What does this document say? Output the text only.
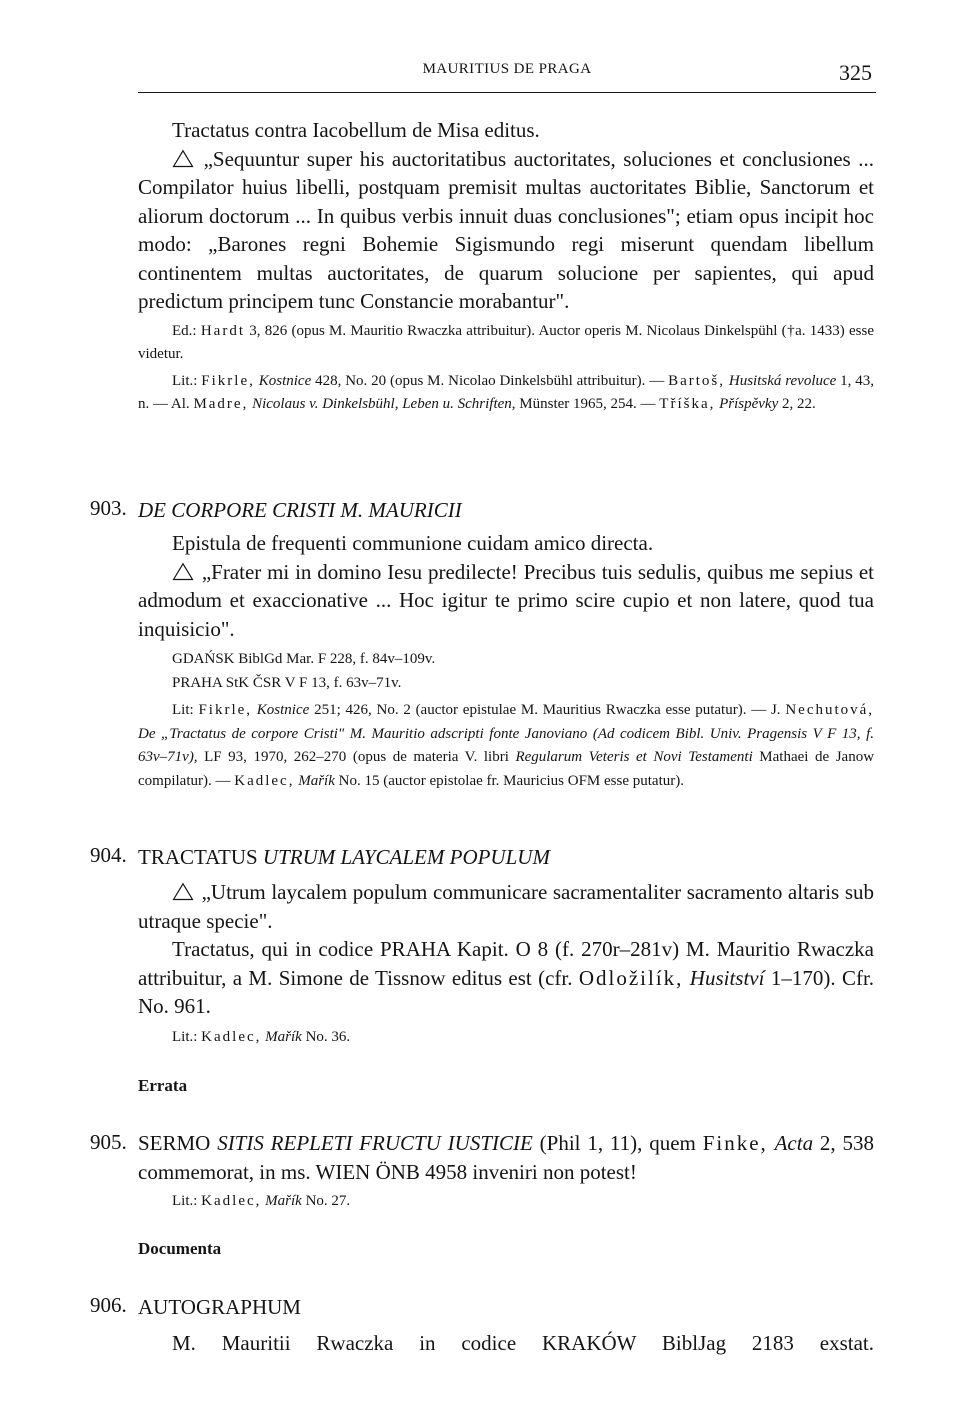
MAURITIUS DE PRAGA	325

Tractatus contra Iacobellum de Misa editus.

„Sequuntur super his auctoritatibus auctoritates, soluciones et conclusiones ... Compilator huius libelli, postquam premisit multas auctoritates Biblie, Sanctorum et aliorum doctorum ... In quibus verbis innuit duas conclusiones"; etiam opus incipit hoc modo: „Barones regni Bohemie Sigismundo regi miserunt quendam libellum continentem multas auctoritates, de quarum solucione per sapientes, qui apud predictum principem tunc Constancie morabantur".

Ed.: Hardt 3, 826 (opus M. Mauritio Rwaczka attribuitur). Auctor operis M. Nicolaus Dinkelspühl (†a. 1433) esse videtur.

Lit.: Fikrle, Kostnice 428, No. 20 (opus M. Nicolao Dinkelsbühl attribuitur). — Bartoš, Husitská revoluce 1, 43, n. — Al. Madre, Nicolaus v. Dinkelsbühl, Leben u. Schriften, Münster 1965, 254. — Tříška, Příspěvky 2, 22.

903. DE CORPORE CRISTI M. MAURICII

Epistula de frequenti communione cuidam amico directa.

„Frater mi in domino Iesu predilecte! Precibus tuis sedulis, quibus me sepius et admodum et exaccionative ... Hoc igitur te primo scire cupio et non latere, quod tua inquisicio".

GDAŃSK BiblGd Mar. F 228, f. 84v–109v.

PRAHA StK ČSR V F 13, f. 63v–71v.

Lit: Fikrle, Kostnice 251; 426, No. 2 (auctor epistulae M. Mauritius Rwaczka esse putatur). — J. Nechutová, De „Tractatus de corpore Cristi" M. Mauritio adscripti fonte Janoviano (Ad codicem Bibl. Univ. Pragensis V F 13, f. 63v–71v), LF 93, 1970, 262–270 (opus de materia V. libri Regularum Veteris et Novi Testamenti Mathaei de Janow compilatur). — Kadlec, Mařík No. 15 (auctor epistolae fr. Mauricius OFM esse putatur).

904. TRACTATUS UTRUM LAYCALEM POPULUM

„Utrum laycalem populum communicare sacramentaliter sacramento altaris sub utraque specie".

Tractatus, qui in codice PRAHA Kapit. O 8 (f. 270r–281v) M. Mauritio Rwaczka attribuitur, a M. Simone de Tissnow editus est (cfr. Odložilík, Husitství 1–170). Cfr. No. 961.

Lit.: Kadlec, Mařík No. 36.

Errata
905. SERMO SITIS REPLETI FRUCTU IUSTICIE (Phil 1, 11), quem Finke, Acta 2, 538 commemorat, in ms. WIEN ÖNB 4958 inveniri non potest!

Lit.: Kadlec, Mařík No. 27.

Documenta
906. AUTOGRAPHUM

M. Mauritii Rwaczka in codice KRAKÓW BiblJag 2183 exstat.
